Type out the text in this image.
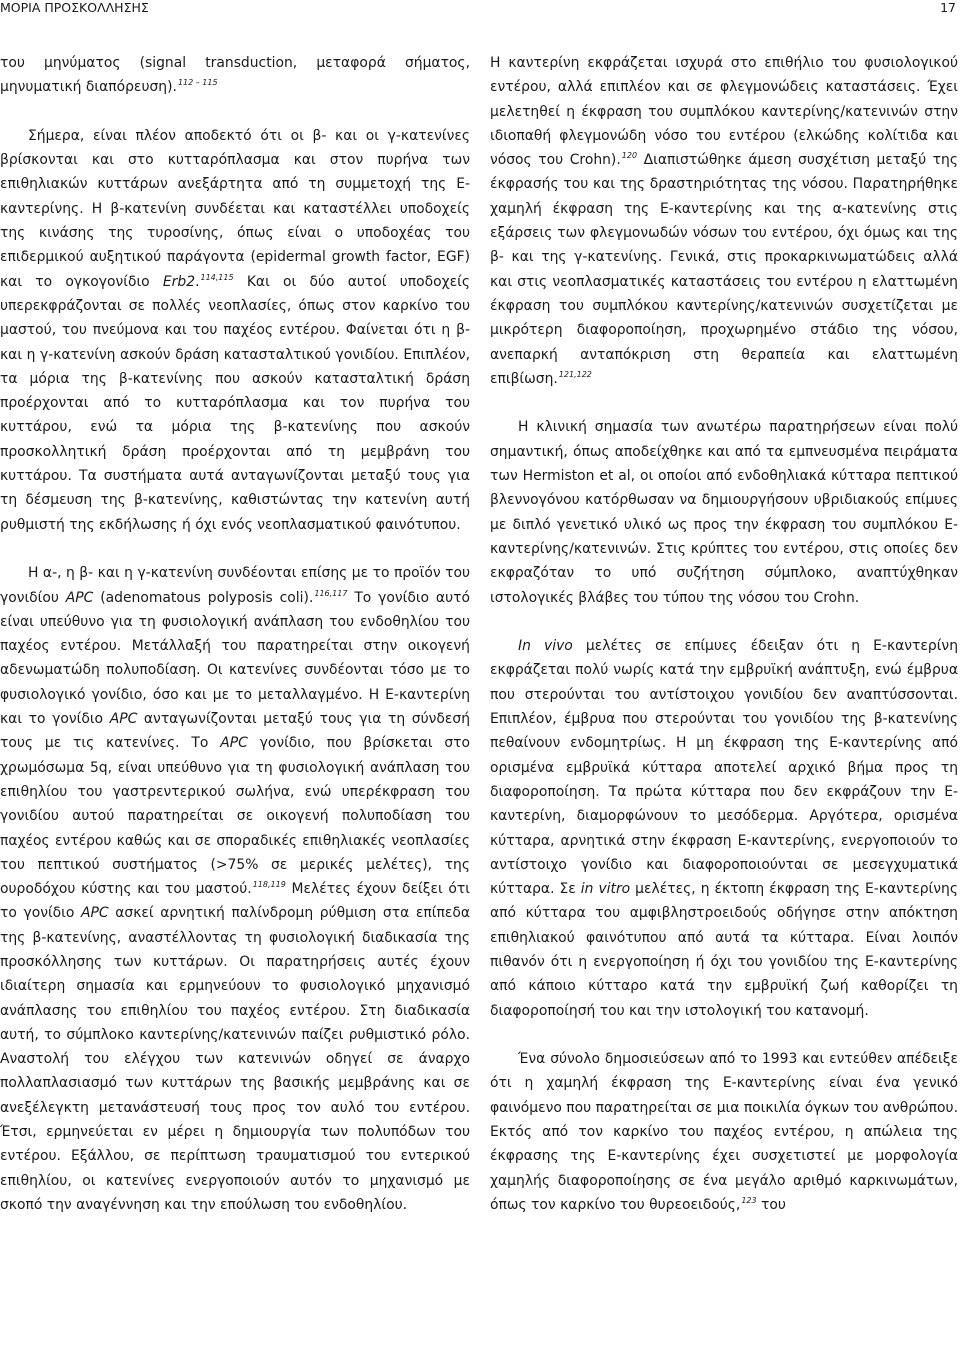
ΜΟΡΙΑ ΠΡΟΣΚΟΛΛΗΣΗΣ	17

του μηνύματος (signal transduction, μεταφορά σήματος, μηνυματική διαπόρευση).$^{112 - 115}$

Σήμερα, είναι πλέον αποδεκτό ότι οι β- και οι γ-κατενίνες βρίσκονται και στο κυτταρόπλασμα και στον πυρήνα των επιθηλιακών κυττάρων ανεξάρτητα από τη συμμετοχή της Ε-καντερίνης. Η β-κατενίνη συνδέεται και καταστέλλει υποδοχείς της κινάσης της τυροσίνης, όπως είναι ο υποδοχέας του επιδερμικού αυξητικού παράγοντα (epidermal growth factor, EGF) και το ογκογονίδιο Erb2.$^{114,115}$ Και οι δύο αυτοί υποδοχείς υπερεκφράζονται σε πολλές νεοπλασίες, όπως στον καρκίνο του μαστού, του πνεύμονα και του παχέος εντέρου. Φαίνεται ότι η β- και η γ-κατενίνη ασκούν δράση κατασταλτικού γονιδίου. Επιπλέον, τα μόρια της β-κατενίνης που ασκούν κατασταλτική δράση προέρχονται από το κυτταρόπλασμα και τον πυρήνα του κυττάρου, ενώ τα μόρια της β-κατενίνης που ασκούν προσκολλητική δράση προέρχονται από τη μεμβράνη του κυττάρου. Τα συστήματα αυτά ανταγωνίζονται μεταξύ τους για τη δέσμευση της β-κατενίνης, καθιστώντας την κατενίνη αυτή ρυθμιστή της εκδήλωσης ή όχι ενός νεοπλασματικού φαινότυπου.

Η α-, η β- και η γ-κατενίνη συνδέονται επίσης με το προϊόν του γονιδίου APC (adenomatous polyposis coli).$^{116,117}$ Το γονίδιο αυτό είναι υπεύθυνο για τη φυσιολογική ανάπλαση του ενδοθηλίου του παχέος εντέρου. Μετάλλαξή του παρατηρείται στην οικογενή αδενωματώδη πολυποδίαση. Οι κατενίνες συνδέονται τόσο με το φυσιολογικό γονίδιο, όσο και με το μεταλλαγμένο. Η Ε-καντερίνη και το γονίδιο APC ανταγωνίζονται μεταξύ τους για τη σύνδεσή τους με τις κατενίνες. Το APC γονίδιο, που βρίσκεται στο χρωμόσωμα 5q, είναι υπεύθυνο για τη φυσιολογική ανάπλαση του επιθηλίου του γαστρεντερικού σωλήνα, ενώ υπερέκφραση του γονιδίου αυτού παρατηρείται σε οικογενή πολυποδίαση του παχέος εντέρου καθώς και σε σποραδικές επιθηλιακές νεοπλασίες του πεπτικού συστήματος (>75% σε μερικές μελέτες), της ουροδόχου κύστης και του μαστού.$^{118,119}$ Μελέτες έχουν δείξει ότι το γονίδιο APC ασκεί αρνητική παλίνδρομη ρύθμιση στα επίπεδα της β-κατενίνης, αναστέλλοντας τη φυσιολογική διαδικασία της προσκόλλησης των κυττάρων. Οι παρατηρήσεις αυτές έχουν ιδιαίτερη σημασία και ερμηνεύουν το φυσιολογικό μηχανισμό ανάπλασης του επιθηλίου του παχέος εντέρου. Στη διαδικασία αυτή, το σύμπλοκο καντερίνης/κατενινών παίζει ρυθμιστικό ρόλο. Αναστολή του ελέγχου των κατενινών οδηγεί σε άναρχο πολλαπλασιασμό των κυττάρων της βασικής μεμβράνης και σε ανεξέλεγκτη μετανάστευσή τους προς τον αυλό του εντέρου. Έτσι, ερμηνεύεται εν μέρει η δημιουργία των πολυπόδων του εντέρου. Εξάλλου, σε περίπτωση τραυματισμού του εντερικού επιθηλίου, οι κατενίνες ενεργοποιούν αυτόν το μηχανισμό με σκοπό την αναγέννηση και την επούλωση του ενδοθηλίου.

Η καντερίνη εκφράζεται ισχυρά στο επιθήλιο του φυσιολογικού εντέρου, αλλά επιπλέον και σε φλεγμονώδεις καταστάσεις. Έχει μελετηθεί η έκφραση του συμπλόκου καντερίνης/κατενινών στην ιδιοπαθή φλεγμονώδη νόσο του εντέρου (ελκώδης κολίτιδα και νόσος του Crohn).$^{120}$ Διαπιστώθηκε άμεση συσχέτιση μεταξύ της έκφρασής του και της δραστηριότητας της νόσου. Παρατηρήθηκε χαμηλή έκφραση της Ε-καντερίνης και της α-κατενίνης στις εξάρσεις των φλεγμονωδών νόσων του εντέρου, όχι όμως και της β- και της γ-κατενίνης. Γενικά, στις προκαρκινωματώδεις αλλά και στις νεοπλασματικές καταστάσεις του εντέρου η ελαττωμένη έκφραση του συμπλόκου καντερίνης/κατενινών συσχετίζεται με μικρότερη διαφοροποίηση, προχωρημένο στάδιο της νόσου, ανεπαρκή ανταπόκριση στη θεραπεία και ελαττωμένη επιβίωση.$^{121,122}$

Η κλινική σημασία των ανωτέρω παρατηρήσεων είναι πολύ σημαντική, όπως αποδείχθηκε και από τα εμπνευσμένα πειράματα των Hermiston et al, οι οποίοι από ενδοθηλιακά κύτταρα πεπτικού βλεννογόνου κατόρθωσαν να δημιουργήσουν υβριδιακούς επίμυες με διπλό γενετικό υλικό ως προς την έκφραση του συμπλόκου Ε-καντερίνης/κατενινών. Στις κρύπτες του εντέρου, στις οποίες δεν εκφραζόταν το υπό συζήτηση σύμπλοκο, αναπτύχθηκαν ιστολογικές βλάβες του τύπου της νόσου του Crohn.

In vivo μελέτες σε επίμυες έδειξαν ότι η Ε-καντερίνη εκφράζεται πολύ νωρίς κατά την εμβρυϊκή ανάπτυξη, ενώ έμβρυα που στερούνται του αντίστοιχου γονιδίου δεν αναπτύσσονται. Επιπλέον, έμβρυα που στερούνται του γονιδίου της β-κατενίνης πεθαίνουν ενδομητρίως. Η μη έκφραση της Ε-καντερίνης από ορισμένα εμβρυϊκά κύτταρα αποτελεί αρχικό βήμα προς τη διαφοροποίηση. Τα πρώτα κύτταρα που δεν εκφράζουν την Ε-καντερίνη, διαμορφώνουν το μεσόδερμα. Αργότερα, ορισμένα κύτταρα, αρνητικά στην έκφραση Ε-καντερίνης, ενεργοποιούν το αντίστοιχο γονίδιο και διαφοροποιούνται σε μεσεγχυματικά κύτταρα. Σε in vitro μελέτες, η έκτοπη έκφραση της Ε-καντερίνης από κύτταρα του αμφιβληστροειδούς οδήγησε στην απόκτηση επιθηλιακού φαινότυπου από αυτά τα κύτταρα. Είναι λοιπόν πιθανόν ότι η ενεργοποίηση ή όχι του γονιδίου της Ε-καντερίνης από κάποιο κύτταρο κατά την εμβρυϊκή ζωή καθορίζει τη διαφοροποίησή του και την ιστολογική του κατανομή.

Ένα σύνολο δημοσιεύσεων από το 1993 και εντεύθεν απέδειξε ότι η χαμηλή έκφραση της Ε-καντερίνης είναι ένα γενικό φαινόμενο που παρατηρείται σε μια ποικιλία όγκων του ανθρώπου. Εκτός από τον καρκίνο του παχέος εντέρου, η απώλεια της έκφρασης της Ε-καντερίνης έχει συσχετιστεί με μορφολογία χαμηλής διαφοροποίησης σε ένα μεγάλο αριθμό καρκινωμάτων, όπως τον καρκίνο του θυρεοειδούς,$^{123}$ του
